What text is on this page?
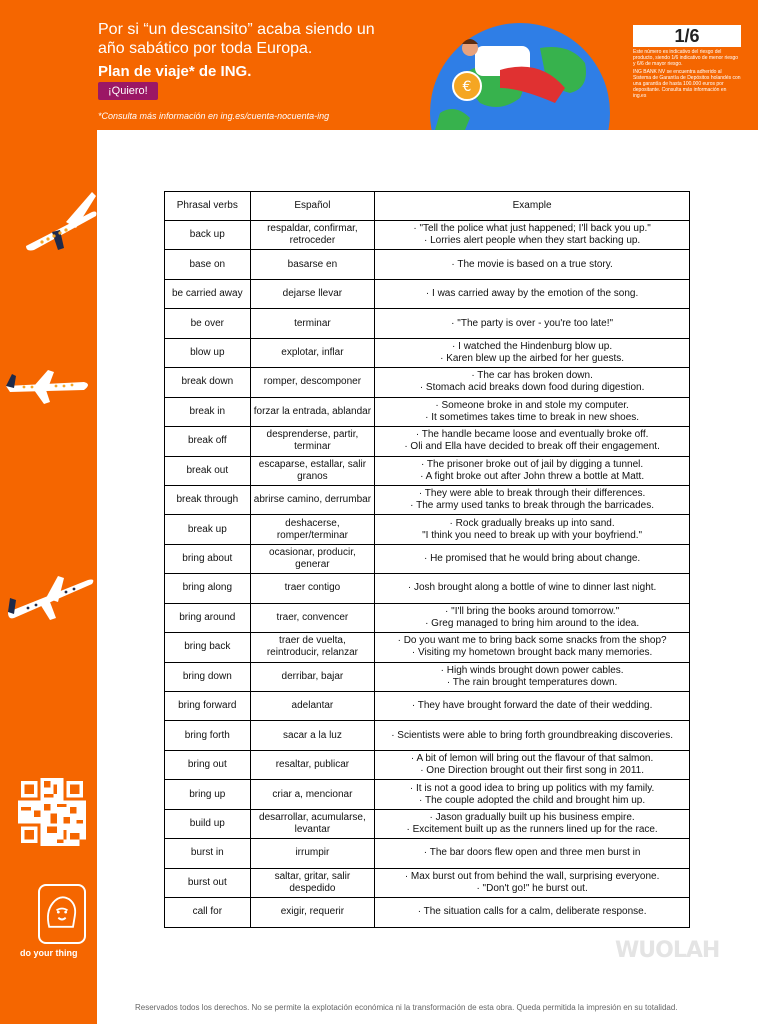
Por si “un descansito” acaba siendo un
año sabático por toda Europa.
Plan de viaje* de ING.
¡Quiero!
*Consulta más información en ing.es/cuenta-nocuenta-ing
€
1/6
Este número es indicativo del riesgo del producto, siendo 1/6 indicativo de menor riesgo y 6/6 de mayor riesgo.
ING BANK NV se encuentra adherido al Sistema de Garantía de Depósitos holandés con una garantía de hasta 100.000 euros por depositante. Consulta más información en ing.es
do your thing
Phrasal verbs	Español	Example
back up	respaldar, confirmar, retroceder	· "Tell the police what just happened; I'll back you up."
· Lorries alert people when they start backing up.

base on	basarse en	· The movie is based on a true story.

be carried away	dejarse llevar	· I was carried away by the emotion of the song.

be over	terminar	· "The party is over - you're too late!"

blow up	explotar, inflar	· I watched the Hindenburg blow up.
· Karen blew up the airbed for her guests.

break down	romper, descomponer	· The car has broken down.
· Stomach acid breaks down food during digestion.

break in	forzar la entrada, ablandar	· Someone broke in and stole my computer.
· It sometimes takes time to break in new shoes.

break off	desprenderse, partir, terminar	· The handle became loose and eventually broke off.
· Oli and Ella have decided to break off their engagement.

break out	escaparse, estallar, salir granos	· The prisoner broke out of jail by digging a tunnel.
· A fight broke out after John threw a bottle at Matt.

break through	abrirse camino, derrumbar	· They were able to break through their differences.
· The army used tanks to break through the barricades.

break up	deshacerse, romper/terminar	· Rock gradually breaks up into sand.
"I think you need to break up with your boyfriend."

bring about	ocasionar, producir, generar	· He promised that he would bring about change.

bring along	traer contigo	· Josh brought along a bottle of wine to dinner last night.

bring around	traer, convencer	· "I'll bring the books around tomorrow."
· Greg managed to bring him around to the idea.

bring back	traer de vuelta, reintroducir, relanzar	· Do you want me to bring back some snacks from the shop?
· Visiting my hometown brought back many memories.

bring down	derribar, bajar	· High winds brought down power cables.
· The rain brought temperatures down.

bring forward	adelantar	· They have brought forward the date of their wedding.

bring forth	sacar a la luz	· Scientists were able to bring forth groundbreaking discoveries.

bring out	resaltar, publicar	· A bit of lemon will bring out the flavour of that salmon.
· One Direction brought out their first song in 2011.

bring up	criar a, mencionar	· It is not a good idea to bring up politics with my family.
· The couple adopted the child and brought him up.

build up	desarrollar, acumularse, levantar	· Jason gradually built up his business empire.
· Excitement built up as the runners lined up for the race.

burst in	irrumpir	· The bar doors flew open and three men burst in

burst out	saltar, gritar, salir despedido	· Max burst out from behind the wall, surprising everyone.
· "Don't go!" he burst out.

call for	exigir, requerir	· The situation calls for a calm, deliberate response.
WUOLAH
Reservados todos los derechos. No se permite la explotación económica ni la transformación de esta obra. Queda permitida la impresión en su totalidad.
